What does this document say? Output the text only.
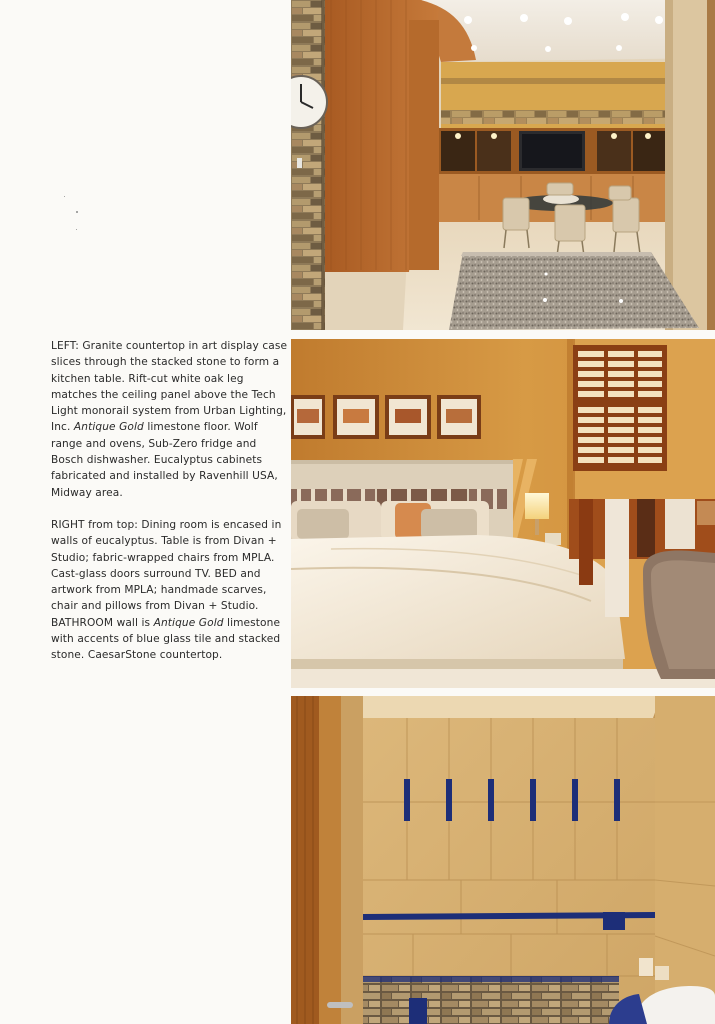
LEFT: Granite countertop in art display case slices through the stacked stone to form a kitchen table. Rift-cut white oak leg matches the ceiling panel above the Tech Light monorail system from Urban Lighting, Inc. Antique Gold limestone floor. Wolf range and ovens, Sub-Zero fridge and Bosch dishwasher. Eucalyptus cabinets fabricated and installed by Ravenhill USA, Midway area.

RIGHT from top: Dining room is encased in walls of eucalyptus. Table is from Divan + Studio; fabric-wrapped chairs from MPLA. Cast-glass doors surround TV. BED and artwork from MPLA; handmade scarves, chair and pillows from Divan + Studio. BATHROOM wall is Antique Gold limestone with accents of blue glass tile and stacked stone. CaesarStone countertop.
